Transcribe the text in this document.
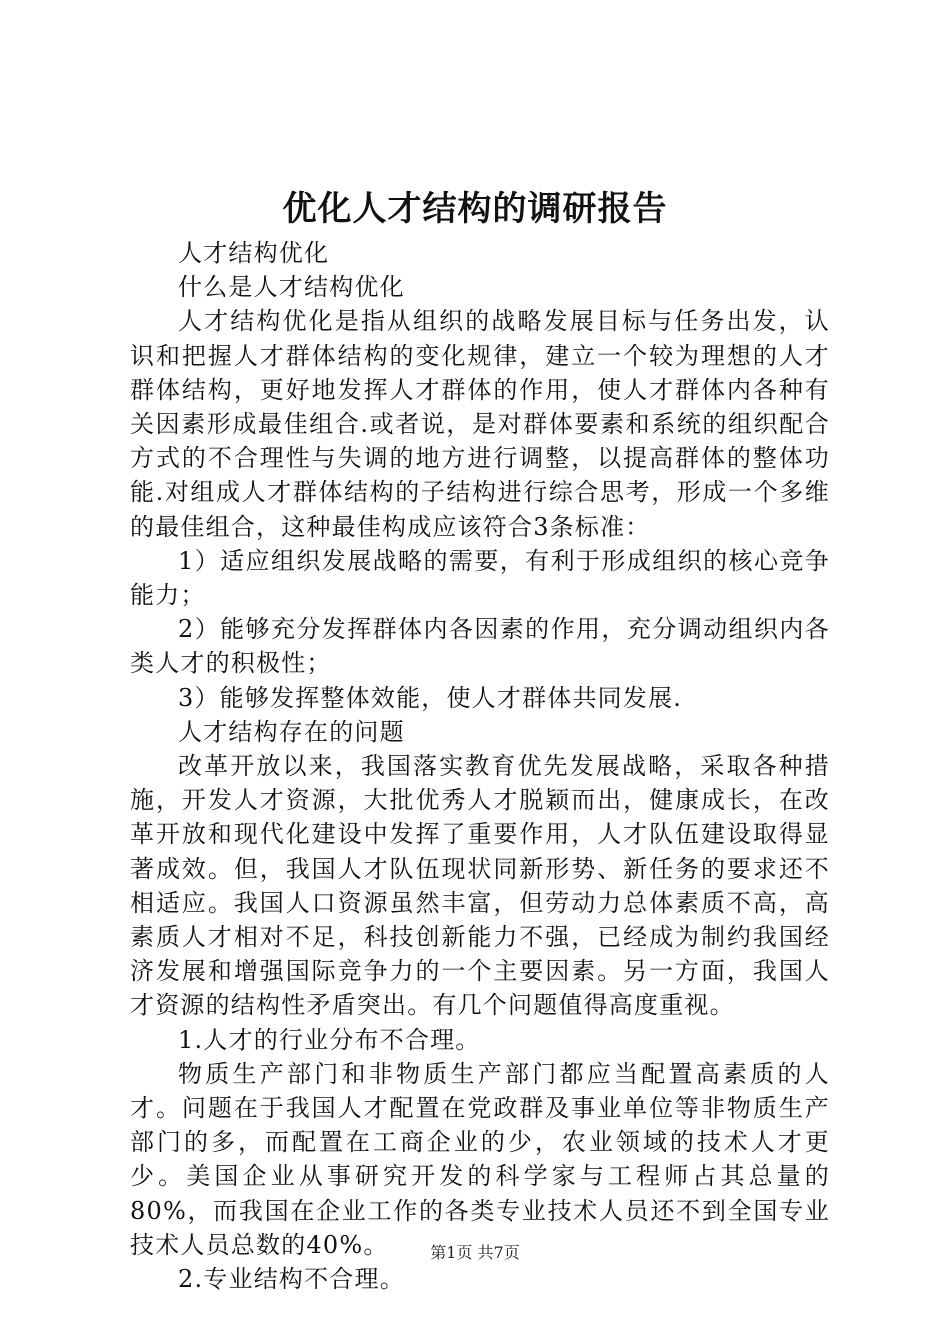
优化人才结构的调研报告

人才结构优化

什么是人才结构优化

人才结构优化是指从组织的战略发展目标与任务出发，认识和把握人才群体结构的变化规律，建立一个较为理想的人才群体结构，更好地发挥人才群体的作用，使人才群体内各种有关因素形成最佳组合.或者说，是对群体要素和系统的组织配合方式的不合理性与失调的地方进行调整，以提高群体的整体功能.对组成人才群体结构的子结构进行综合思考，形成一个多维的最佳组合，这种最佳构成应该符合3条标准：

1）适应组织发展战略的需要，有利于形成组织的核心竞争能力；

2）能够充分发挥群体内各因素的作用，充分调动组织内各类人才的积极性；

3）能够发挥整体效能，使人才群体共同发展.

人才结构存在的问题

改革开放以来，我国落实教育优先发展战略，采取各种措施，开发人才资源，大批优秀人才脱颖而出，健康成长，在改革开放和现代化建设中发挥了重要作用，人才队伍建设取得显著成效。但，我国人才队伍现状同新形势、新任务的要求还不相适应。我国人口资源虽然丰富，但劳动力总体素质不高，高素质人才相对不足，科技创新能力不强，已经成为制约我国经济发展和增强国际竞争力的一个主要因素。另一方面，我国人才资源的结构性矛盾突出。有几个问题值得高度重视。

1.人才的行业分布不合理。

物质生产部门和非物质生产部门都应当配置高素质的人才。问题在于我国人才配置在党政群及事业单位等非物质生产部门的多，而配置在工商企业的少，农业领域的技术人才更少。美国企业从事研究开发的科学家与工程师占其总量的80%，而我国在企业工作的各类专业技术人员还不到全国专业技术人员总数的40%。

2.专业结构不合理。

第1页 共7页
